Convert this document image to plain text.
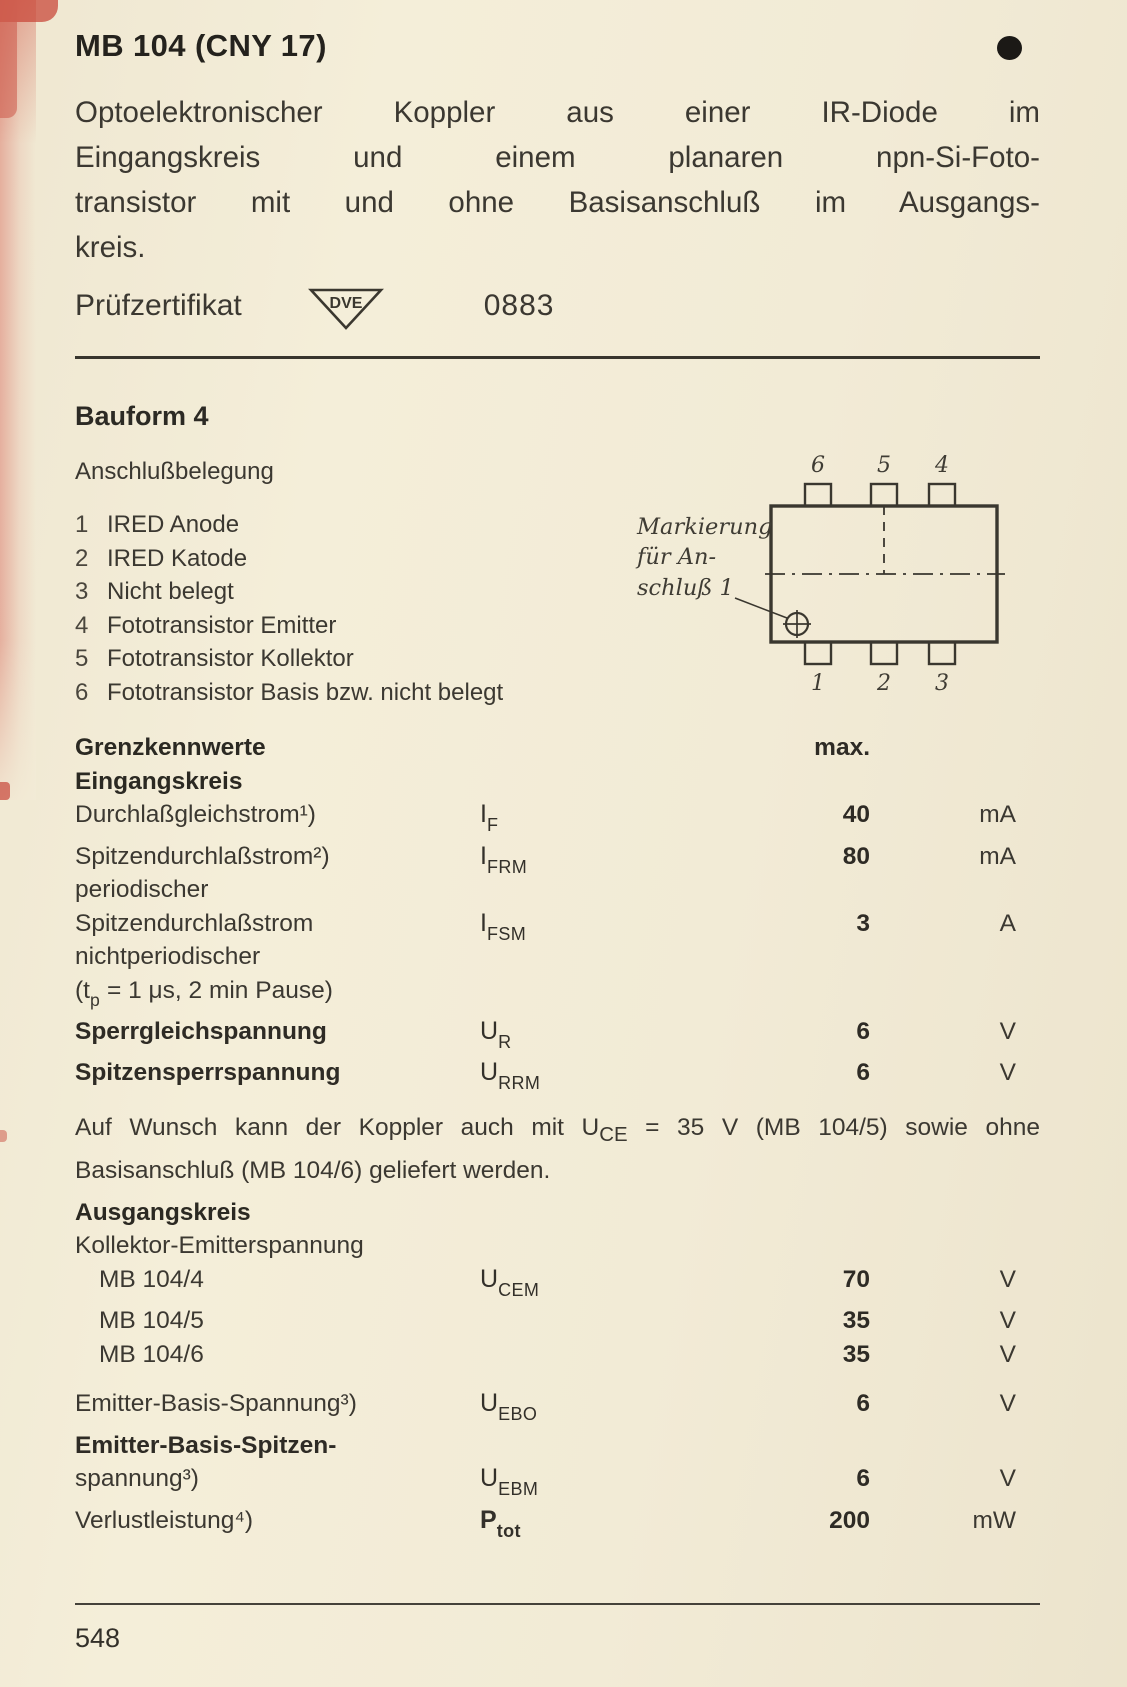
MB 104 (CNY 17)
Optoelektronischer Koppler aus einer IR-Diode im
Eingangskreis und einem planaren npn-Si-Foto-
transistor mit und ohne Basisanschluß im Ausgangs-
kreis.
Prüfzertifikat	DVE	0883
Bauform 4
Anschlußbelegung
1 IRED Anode
2 IRED Katode
3 Nicht belegt
4 Fototransistor Emitter
5 Fototransistor Kollektor
6 Fototransistor Basis bzw. nicht belegt
6 5 4
1 2 3
Markierung
für An-
schluß 1
Grenzkennwerte	max.
Eingangskreis
Durchlaßgleichstrom¹)	$I_F$	40	mA
Spitzendurchlaßstrom²)
periodischer
$I_{FRM}$	80	mA
Spitzendurchlaßstrom
nichtperiodischer
($t_p = 1$ μs, 2 min Pause)
$I_{FSM}$	3	A
Sperrgleichspannung	$U_R$	6	V
Spitzensperrspannung	$U_{RRM}$	6	V
Auf Wunsch kann der Koppler auch mit $U_{CE} = 35$ V (MB 104/5) sowie ohne
Basisanschluß (MB 104/6) geliefert werden.
Ausgangskreis
Kollektor-Emitterspannung
MB 104/4	$U_{CEM}$	70	V
MB 104/5	35	V
MB 104/6	35	V
Emitter-Basis-Spannung³)	$U_{EBO}$	6	V
Emitter-Basis-Spitzen-
spannung³)	$U_{EBM}$	6	V
Verlustleistung⁴)	$P_{tot}$	200	mW
548
